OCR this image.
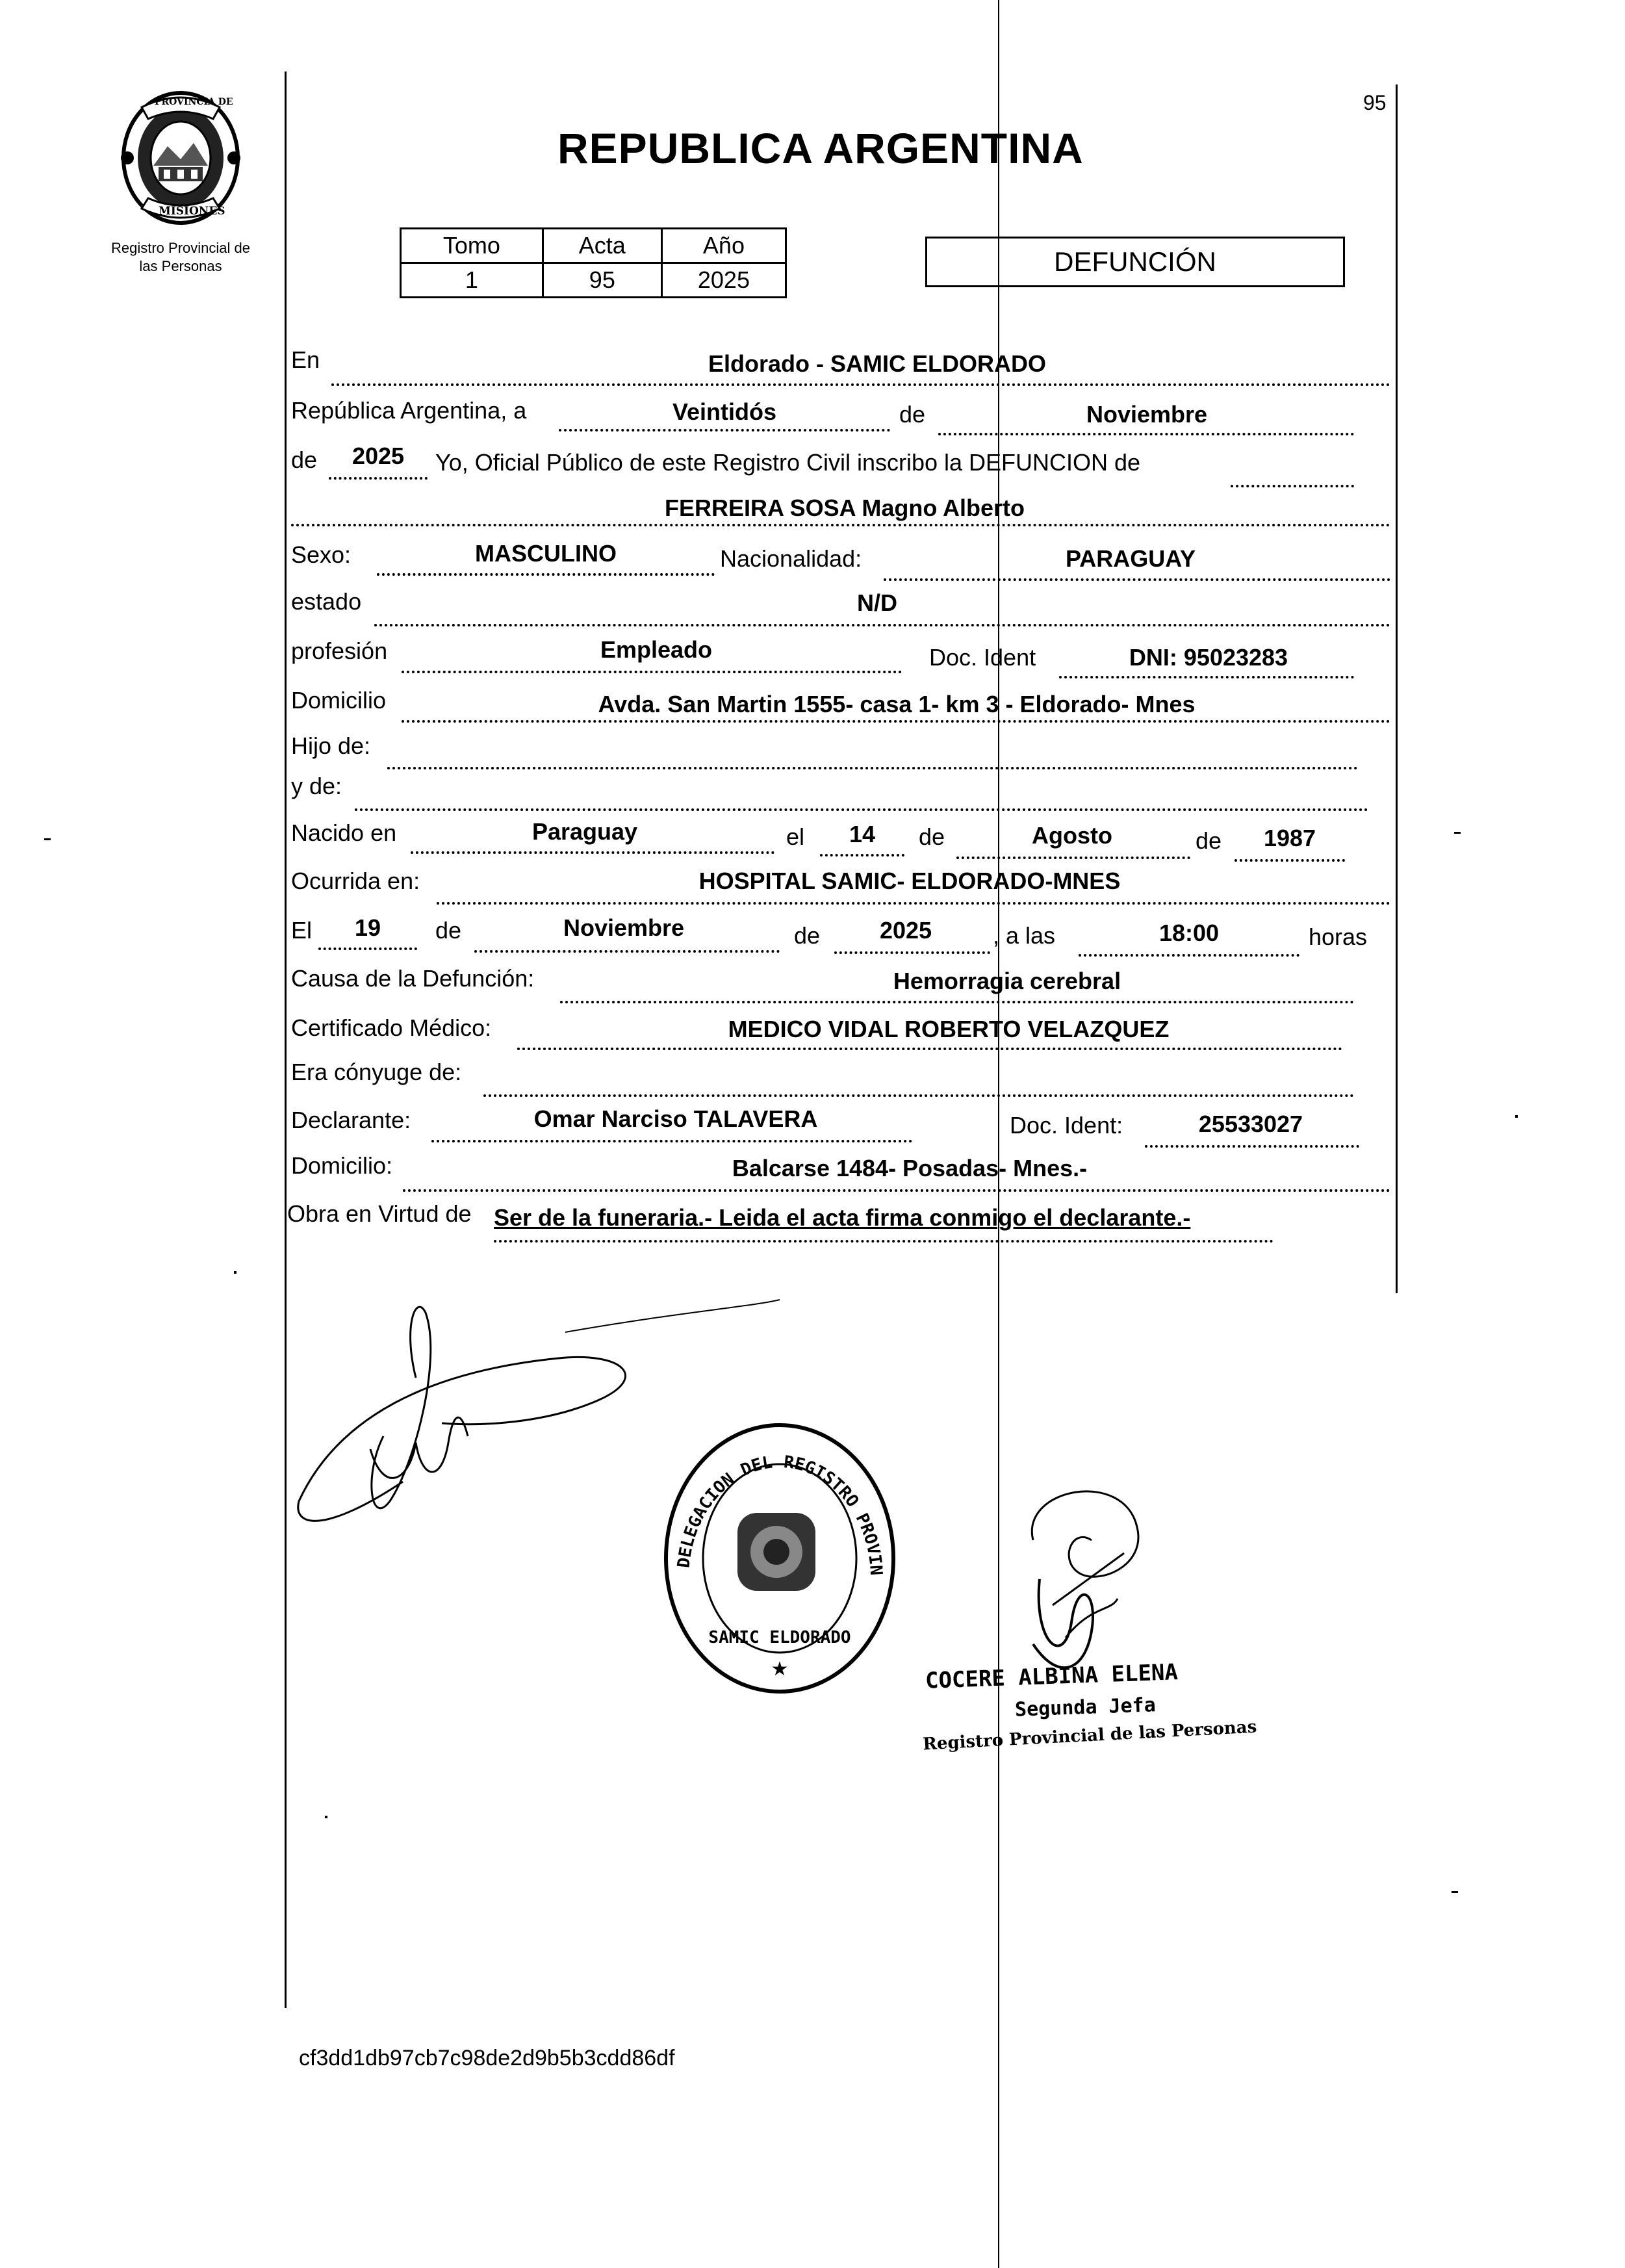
95
PROVINCIA DE
MISIONES
Registro Provincial de
las Personas
REPUBLICA ARGENTINA
Tomo	Acta	Año
1	95	2025
DEFUNCIÓN
En	Eldorado - SAMIC ELDORADO
República Argentina, a	Veintidós	de	Noviembre
de	2025	Yo, Oficial Público de este Registro Civil inscribo la DEFUNCION de
FERREIRA SOSA Magno Alberto
Sexo:	MASCULINO	Nacionalidad:	PARAGUAY
estado	N/D
profesión	Empleado	Doc. Ident	DNI: 95023283
Domicilio	Avda. San Martin 1555- casa 1- km 3 - Eldorado- Mnes
Hijo de:
y de:
Nacido en	Paraguay	el	14	de	Agosto	de	1987
Ocurrida en:	HOSPITAL SAMIC- ELDORADO-MNES
El	19	de	Noviembre	de	2025	, a las	18:00	horas
Causa de la Defunción:	Hemorragia cerebral
Certificado Médico:	MEDICO VIDAL ROBERTO VELAZQUEZ
Era cónyuge de:
Declarante:	Omar Narciso TALAVERA	Doc. Ident:	25533027
Domicilio:	Balcarse 1484- Posadas- Mnes.-
Obra en Virtud de Ser de la funeraria.- Leida el acta firma conmigo el declarante.-
DELEGACION DEL REGISTRO PROVIN
SAMIC ELDORADO
★	COCERE ALBINA ELENA
Segunda Jefa
Registro Provincial de las Personas
cf3dd1db97cb7c98de2d9b5b3cdd86df
